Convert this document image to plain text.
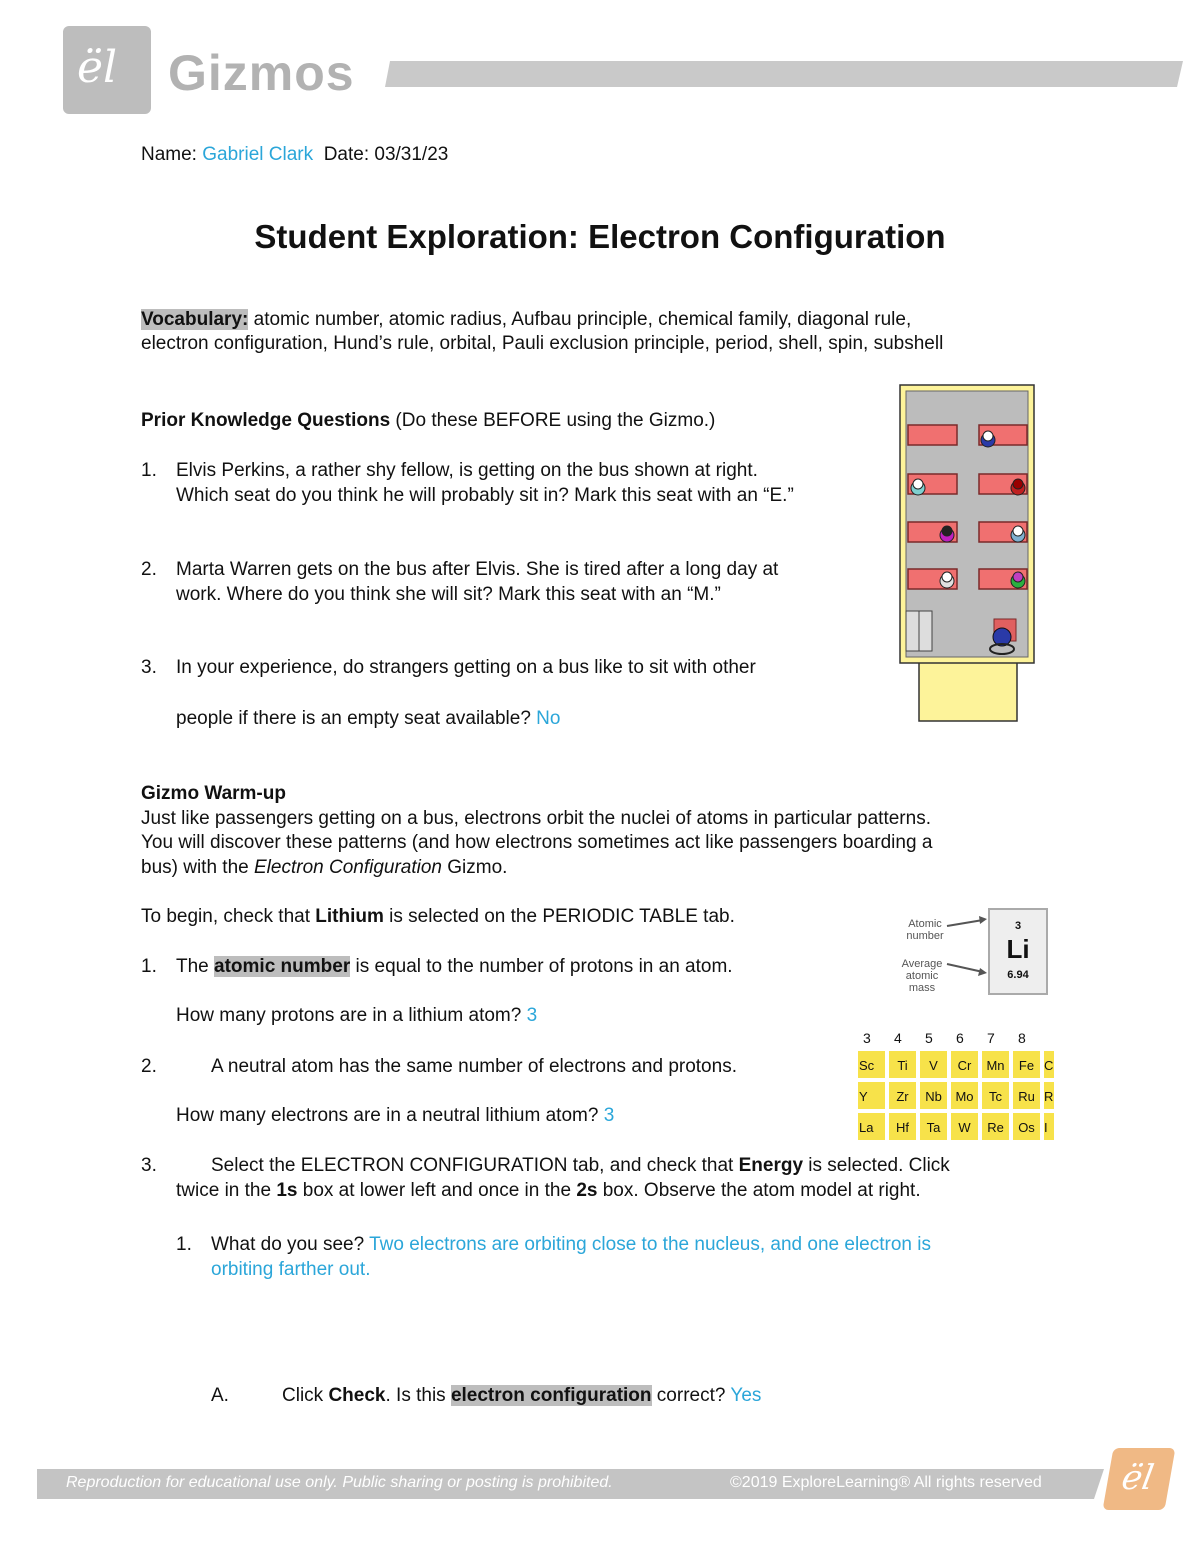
ël Gizmos
Name: Gabriel Clark Date: 03/31/23
Student Exploration: Electron Configuration
Vocabulary: atomic number, atomic radius, Aufbau principle, chemical family, diagonal rule,
electron configuration, Hund’s rule, orbital, Pauli exclusion principle, period, shell, spin, subshell
Prior Knowledge Questions (Do these BEFORE using the Gizmo.)
1. Elvis Perkins, a rather shy fellow, is getting on the bus shown at right.
Which seat do you think he will probably sit in? Mark this seat with an “E.”
2. Marta Warren gets on the bus after Elvis. She is tired after a long day at
work. Where do you think she will sit? Mark this seat with an “M.”
3. In your experience, do strangers getting on a bus like to sit with other
people if there is an empty seat available? No
Gizmo Warm-up
Just like passengers getting on a bus, electrons orbit the nuclei of atoms in particular patterns.
You will discover these patterns (and how electrons sometimes act like passengers boarding a
bus) with the Electron Configuration Gizmo.
To begin, check that Lithium is selected on the PERIODIC TABLE tab.
1. The atomic number is equal to the number of protons in an atom.
How many protons are in a lithium atom? 3
2.	A neutral atom has the same number of electrons and protons.
How many electrons are in a neutral lithium atom? 3
3.	Select the ELECTRON CONFIGURATION tab, and check that Energy is selected. Click
twice in the 1s box at lower left and once in the 2s box. Observe the atom model at right.
1. What do you see? Two electrons are orbiting close to the nucleus, and one electron is
orbiting farther out.
A.	Click Check. Is this electron configuration correct? Yes
Atomic number
Average atomic mass
3
Li
6.94
3 4 5 6 7 8
Sc	Ti	V	Cr	Mn	Fe C
Y	Zr	Nb	Mo	Tc	Ru R
La	Hf	Ta	W	Re	Os I
Reproduction for educational use only. Public sharing or posting is prohibited.	©2019 ExploreLearning® All rights reserved ël
